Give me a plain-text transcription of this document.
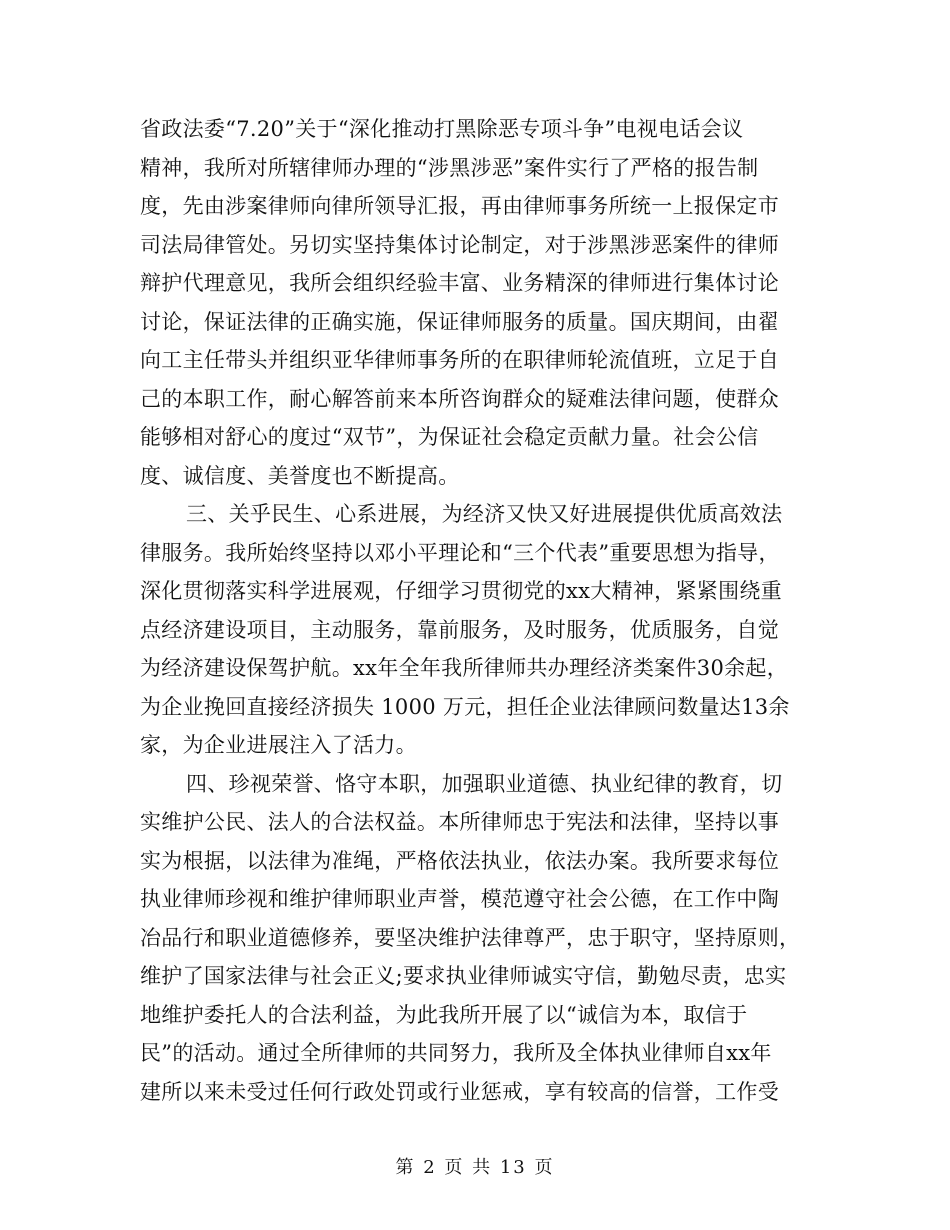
省政法委“7.20”关于“深化推动打黑除恶专项斗争”电视电话会议
精神，我所对所辖律师办理的“涉黑涉恶”案件实行了严格的报告制
度，先由涉案律师向律所领导汇报，再由律师事务所统一上报保定市
司法局律管处。另切实坚持集体讨论制定，对于涉黑涉恶案件的律师
辩护代理意见，我所会组织经验丰富、业务精深的律师进行集体讨论
讨论，保证法律的正确实施，保证律师服务的质量。国庆期间，由翟
向工主任带头并组织亚华律师事务所的在职律师轮流值班，立足于自
己的本职工作，耐心解答前来本所咨询群众的疑难法律问题，使群众
能够相对舒心的度过“双节”，为保证社会稳定贡献力量。社会公信
度、诚信度、美誉度也不断提高。
三、关乎民生、心系进展，为经济又快又好进展提供优质高效法
律服务。我所始终坚持以邓小平理论和“三个代表”重要思想为指导，
深化贯彻落实科学进展观，仔细学习贯彻党的xx大精神，紧紧围绕重
点经济建设项目，主动服务，靠前服务，及时服务，优质服务，自觉
为经济建设保驾护航。xx年全年我所律师共办理经济类案件30余起，
为企业挽回直接经济损失 1000 万元，担任企业法律顾问数量达13余
家，为企业进展注入了活力。
四、珍视荣誉、恪守本职，加强职业道德、执业纪律的教育，切
实维护公民、法人的合法权益。本所律师忠于宪法和法律，坚持以事
实为根据，以法律为准绳，严格依法执业，依法办案。我所要求每位
执业律师珍视和维护律师职业声誉，模范遵守社会公德，在工作中陶
冶品行和职业道德修养，要坚决维护法律尊严，忠于职守，坚持原则，
维护了国家法律与社会正义;要求执业律师诚实守信，勤勉尽责，忠实
地维护委托人的合法利益，为此我所开展了以“诚信为本，取信于
民”的活动。通过全所律师的共同努力，我所及全体执业律师自xx年
建所以来未受过任何行政处罚或行业惩戒，享有较高的信誉，工作受
第 2 页 共 13 页
